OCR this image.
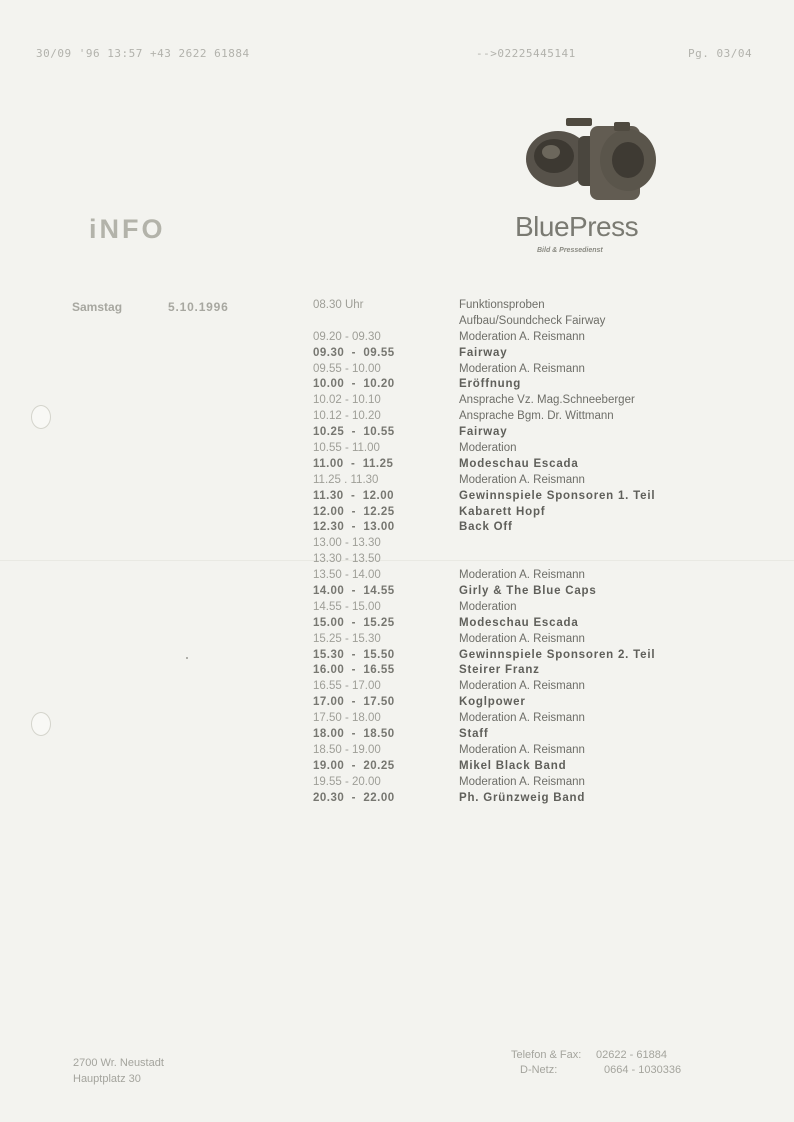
30/09 '96 13:57 +43 2622 61884	-->02225445141	Pg. 03/04
BluePress
Bild & Pressedienst
iNFO
Samstag	5.10.1996	08.30 Uhr	Funktionsproben
Aufbau/Soundcheck Fairway
09.20 - 09.30	Moderation A. Reismann
09.30  -  09.55	Fairway
09.55 - 10.00	Moderation A. Reismann
10.00  -  10.20	Eröffnung
10.02 - 10.10	Ansprache Vz. Mag.Schneeberger
10.12 - 10.20	Ansprache Bgm. Dr. Wittmann
10.25  -  10.55	Fairway
10.55 - 11.00	Moderation
11.00  -  11.25	Modeschau Escada
11.25 . 11.30	Moderation A. Reismann
11.30  -  12.00	Gewinnspiele Sponsoren 1. Teil
12.00  -  12.25	Kabarett Hopf
12.30  -  13.00	Back Off
13.00 - 13.30
13.30 - 13.50
13.50 - 14.00	Moderation A. Reismann
14.00  -  14.55	Girly & The Blue Caps
14.55 - 15.00	Moderation
15.00  -  15.25	Modeschau Escada
15.25 - 15.30	Moderation A. Reismann
15.30  -  15.50	Gewinnspiele Sponsoren 2. Teil
16.00  -  16.55	Steirer Franz
16.55 - 17.00	Moderation A. Reismann
17.00  -  17.50	Koglpower
17.50 - 18.00	Moderation A. Reismann
18.00  -  18.50	Staff
18.50 - 19.00	Moderation A. Reismann
19.00  -  20.25	Mikel Black Band
19.55 - 20.00	Moderation A. Reismann
20.30  -  22.00	Ph. Grünzweig Band
2700 Wr. Neustadt
Hauptplatz 30
Telefon & Fax: 02622 - 61884
D-Netz:	0664 - 1030336
